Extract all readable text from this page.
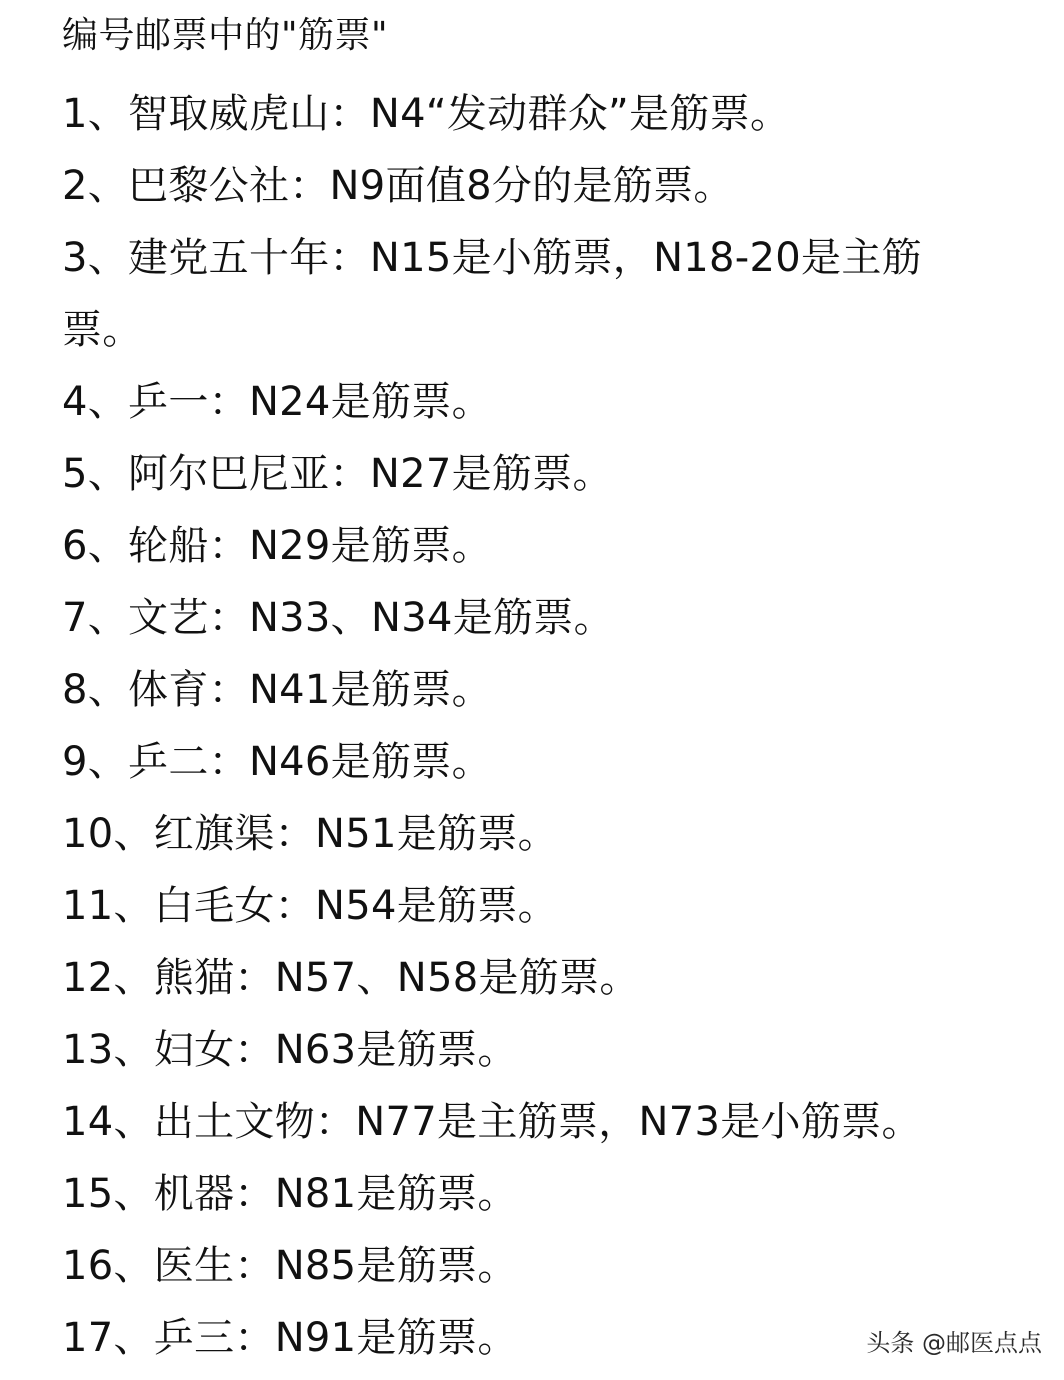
编号邮票中的"筋票"
1、智取威虎山：N4“发动群众”是筋票。
2、巴黎公社：N9面值8分的是筋票。
3、建党五十年：N15是小筋票，N18-20是主筋票。
4、乒一：N24是筋票。
5、阿尔巴尼亚：N27是筋票。
6、轮船：N29是筋票。
7、文艺：N33、N34是筋票。
8、体育：N41是筋票。
9、乒二：N46是筋票。
10、红旗渠：N51是筋票。
11、白毛女：N54是筋票。
12、熊猫：N57、N58是筋票。
13、妇女：N63是筋票。
14、出土文物：N77是主筋票，N73是小筋票。
15、机器：N81是筋票。
16、医生：N85是筋票。
17、乒三：N91是筋票。	头条 @邮医点点
